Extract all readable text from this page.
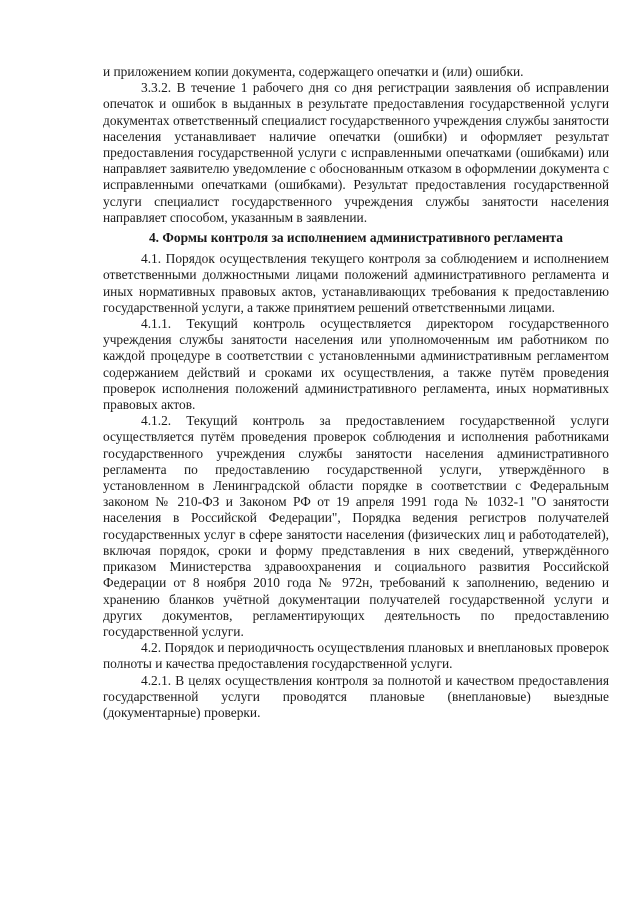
и приложением копии документа, содержащего опечатки и (или) ошибки.

3.3.2. В течение 1 рабочего дня со дня регистрации заявления об исправлении опечаток и ошибок в выданных в результате предоставления государственной услуги документах ответственный специалист государственного учреждения службы занятости населения устанавливает наличие опечатки (ошибки) и оформляет результат предоставления государственной услуги с исправленными опечатками (ошибками) или направляет заявителю уведомление с обоснованным отказом в оформлении документа с исправленными опечатками (ошибками). Результат предоставления государственной услуги специалист государственного учреждения службы занятости населения направляет способом, указанным в заявлении.

4. Формы контроля за исполнением административного регламента

4.1. Порядок осуществления текущего контроля за соблюдением и исполнением ответственными должностными лицами положений административного регламента и иных нормативных правовых актов, устанавливающих требования к предоставлению государственной услуги, а также принятием решений ответственными лицами.

4.1.1. Текущий контроль осуществляется директором государственного учреждения службы занятости населения или уполномоченным им работником по каждой процедуре в соответствии с установленными административным регламентом содержанием действий и сроками их осуществления, а также путём проведения проверок исполнения положений административного регламента, иных нормативных правовых актов.

4.1.2. Текущий контроль за предоставлением государственной услуги осуществляется путём проведения проверок соблюдения и исполнения работниками государственного учреждения службы занятости населения административного регламента по предоставлению государственной услуги, утверждённого в установленном в Ленинградской области порядке в соответствии с Федеральным законом № 210-ФЗ и Законом РФ от 19 апреля 1991 года № 1032-1 "О занятости населения в Российской Федерации", Порядка ведения регистров получателей государственных услуг в сфере занятости населения (физических лиц и работодателей), включая порядок, сроки и форму представления в них сведений, утверждённого приказом Министерства здравоохранения и социального развития Российской Федерации от 8 ноября 2010 года № 972н, требований к заполнению, ведению и хранению бланков учётной документации получателей государственной услуги и других документов, регламентирующих деятельность по предоставлению государственной услуги.

4.2. Порядок и периодичность осуществления плановых и внеплановых проверок полноты и качества предоставления государственной услуги.

4.2.1. В целях осуществления контроля за полнотой и качеством предоставления государственной услуги проводятся плановые (внеплановые) выездные (документарные) проверки.
